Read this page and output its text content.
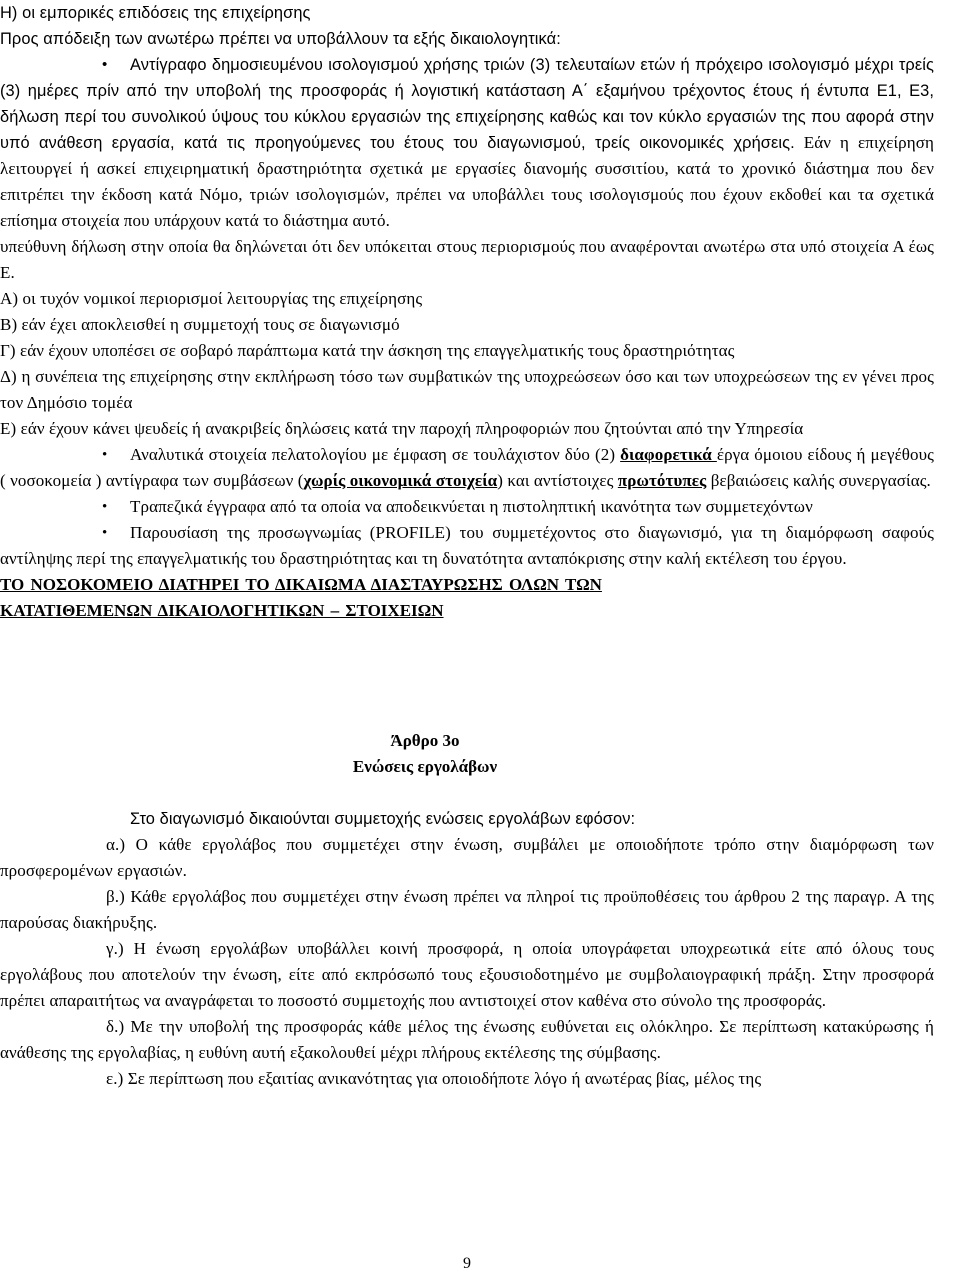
Η) οι εμπορικές επιδόσεις της επιχείρησης

Προς απόδειξη των ανωτέρω πρέπει να υποβάλλουν τα εξής δικαιολογητικά:

• Αντίγραφο δημοσιευμένου ισολογισμού χρήσης τριών (3) τελευταίων ετών ή πρόχειρο ισολογισμό μέχρι τρείς (3) ημέρες πρίν από την υποβολή της προσφοράς ή λογιστική κατάσταση Α΄ εξαμήνου τρέχοντος έτους ή έντυπα Ε1, Ε3, δήλωση περί του συνολικού ύψους του κύκλου εργασιών της επιχείρησης καθώς και τον κύκλο εργασιών της που αφορά στην υπό ανάθεση εργασία, κατά τις προηγούμενες του έτους του διαγωνισμού, τρείς οικονομικές χρήσεις. Εάν η επιχείρηση λειτουργεί ή ασκεί επιχειρηματική δραστηριότητα σχετικά με εργασίες διανομής συσσιτίου, κατά το χρονικό διάστημα που δεν επιτρέπει την έκδοση κατά Νόμο, τριών ισολογισμών, πρέπει να υποβάλλει τους ισολογισμούς που έχουν εκδοθεί και τα σχετικά επίσημα στοιχεία που υπάρχουν κατά το διάστημα αυτό.

υπεύθυνη δήλωση στην οποία θα δηλώνεται ότι δεν υπόκειται στους περιορισμούς που αναφέρονται ανωτέρω στα υπό στοιχεία Α έως Ε.

Α) οι τυχόν νομικοί περιορισμοί λειτουργίας της επιχείρησης

Β) εάν έχει αποκλεισθεί η συμμετοχή τους σε διαγωνισμό

Γ) εάν έχουν υποπέσει σε σοβαρό παράπτωμα κατά την άσκηση της επαγγελματικής τους δραστηριότητας

Δ) η συνέπεια της επιχείρησης στην εκπλήρωση τόσο των συμβατικών της υποχρεώσεων όσο και των υποχρεώσεων της εν γένει προς τον Δημόσιο τομέα

Ε) εάν έχουν κάνει ψευδείς ή ανακριβείς δηλώσεις κατά την παροχή πληροφοριών που ζητούνται από την Υπηρεσία

• Αναλυτικά στοιχεία πελατολογίου με έμφαση σε τουλάχιστον δύο (2) διαφορετικά έργα όμοιου είδους ή μεγέθους ( νοσοκομεία ) αντίγραφα των συμβάσεων (χωρίς οικονομικά στοιχεία) και αντίστοιχες πρωτότυπες βεβαιώσεις καλής συνεργασίας.

• Τραπεζικά έγγραφα από τα οποία να αποδεικνύεται η πιστοληπτική ικανότητα των συμμετεχόντων

• Παρουσίαση της προσωγνωμίας (PROFILE) του συμμετέχοντος στο διαγωνισμό, για τη διαμόρφωση σαφούς αντίληψης περί της επαγγελματικής του δραστηριότητας και τη δυνατότητα ανταπόκρισης στην καλή εκτέλεση του έργου.

ΤΟ ΝΟΣΟΚΟΜΕΙΟ ΔΙΑΤΗΡΕΙ ΤΟ ΔΙΚΑΙΩΜΑ ΔΙΑΣΤΑΥΡΩΣΗΣ ΟΛΩΝ ΤΩΝ

ΚΑΤΑΤΙΘΕΜΕΝΩΝ ΔΙΚΑΙΟΛΟΓΗΤΙΚΩΝ – ΣΤΟΙΧΕΙΩΝ

Άρθρο 3ο

Ενώσεις εργολάβων

Στο διαγωνισμό δικαιούνται συμμετοχής ενώσεις εργολάβων εφόσον:

α.) Ο κάθε εργολάβος που συμμετέχει στην ένωση, συμβάλει με οποιοδήποτε τρόπο στην διαμόρφωση των προσφερομένων εργασιών.

β.) Κάθε εργολάβος που συμμετέχει στην ένωση πρέπει να πληροί τις προϋποθέσεις του άρθρου 2 της παραγρ. Α της παρούσας διακήρυξης.

γ.) Η ένωση εργολάβων υποβάλλει κοινή προσφορά, η οποία υπογράφεται υποχρεωτικά είτε από όλους τους εργολάβους που αποτελούν την ένωση, είτε από εκπρόσωπό τους εξουσιοδοτημένο με συμβολαιογραφική πράξη. Στην προσφορά πρέπει απαραιτήτως να αναγράφεται το ποσοστό συμμετοχής που αντιστοιχεί στον καθένα στο σύνολο της προσφοράς.

δ.) Με την υποβολή της προσφοράς κάθε μέλος της ένωσης ευθύνεται εις ολόκληρο. Σε περίπτωση κατακύρωσης ή ανάθεσης της εργολαβίας, η ευθύνη αυτή εξακολουθεί μέχρι πλήρους εκτέλεσης της σύμβασης.

ε.) Σε περίπτωση που εξαιτίας ανικανότητας για οποιοδήποτε λόγο ή ανωτέρας βίας, μέλος της

9
